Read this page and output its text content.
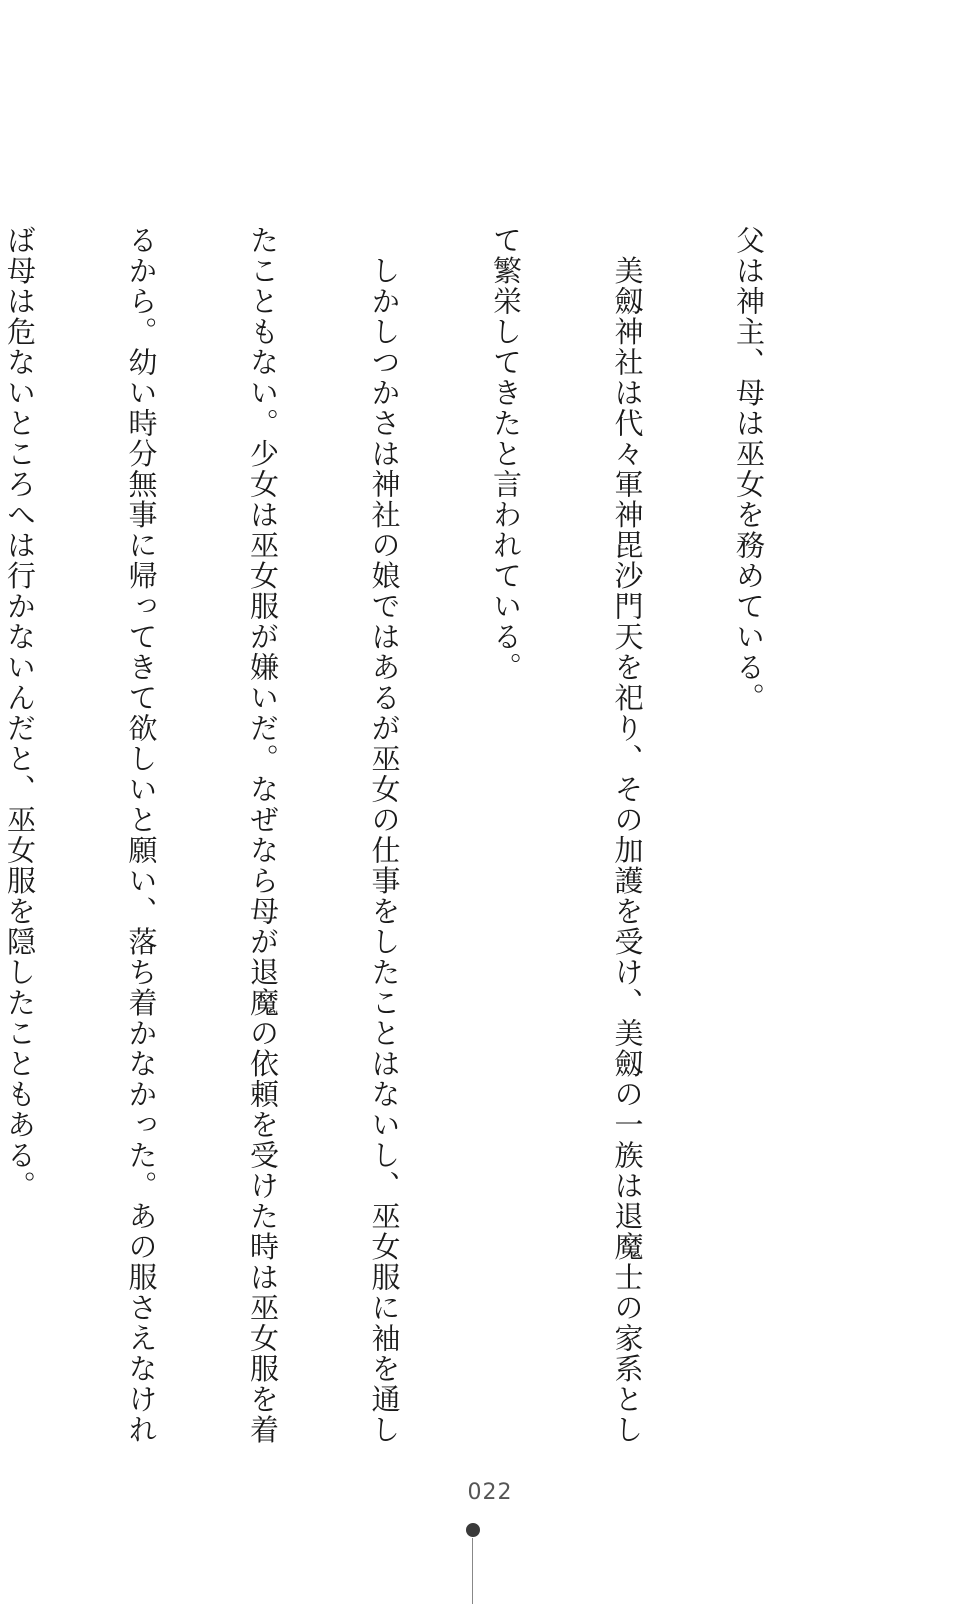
父は神主、母は巫女を務めている。

　美劔神社は代々軍神毘沙門天を祀り、その加護を受け、美劔の一族は退魔士の家系とし

て繁栄してきたと言われている。

　しかしつかさは神社の娘ではあるが巫女の仕事をしたことはないし、巫女服に袖を通し

たこともない。少女は巫女服が嫌いだ。なぜなら母が退魔の依頼を受けた時は巫女服を着

るから。幼い時分無事に帰ってきて欲しいと願い、落ち着かなかった。あの服さえなけれ

ば母は危ないところへは行かないんだと、巫女服を隠したこともある。

022
